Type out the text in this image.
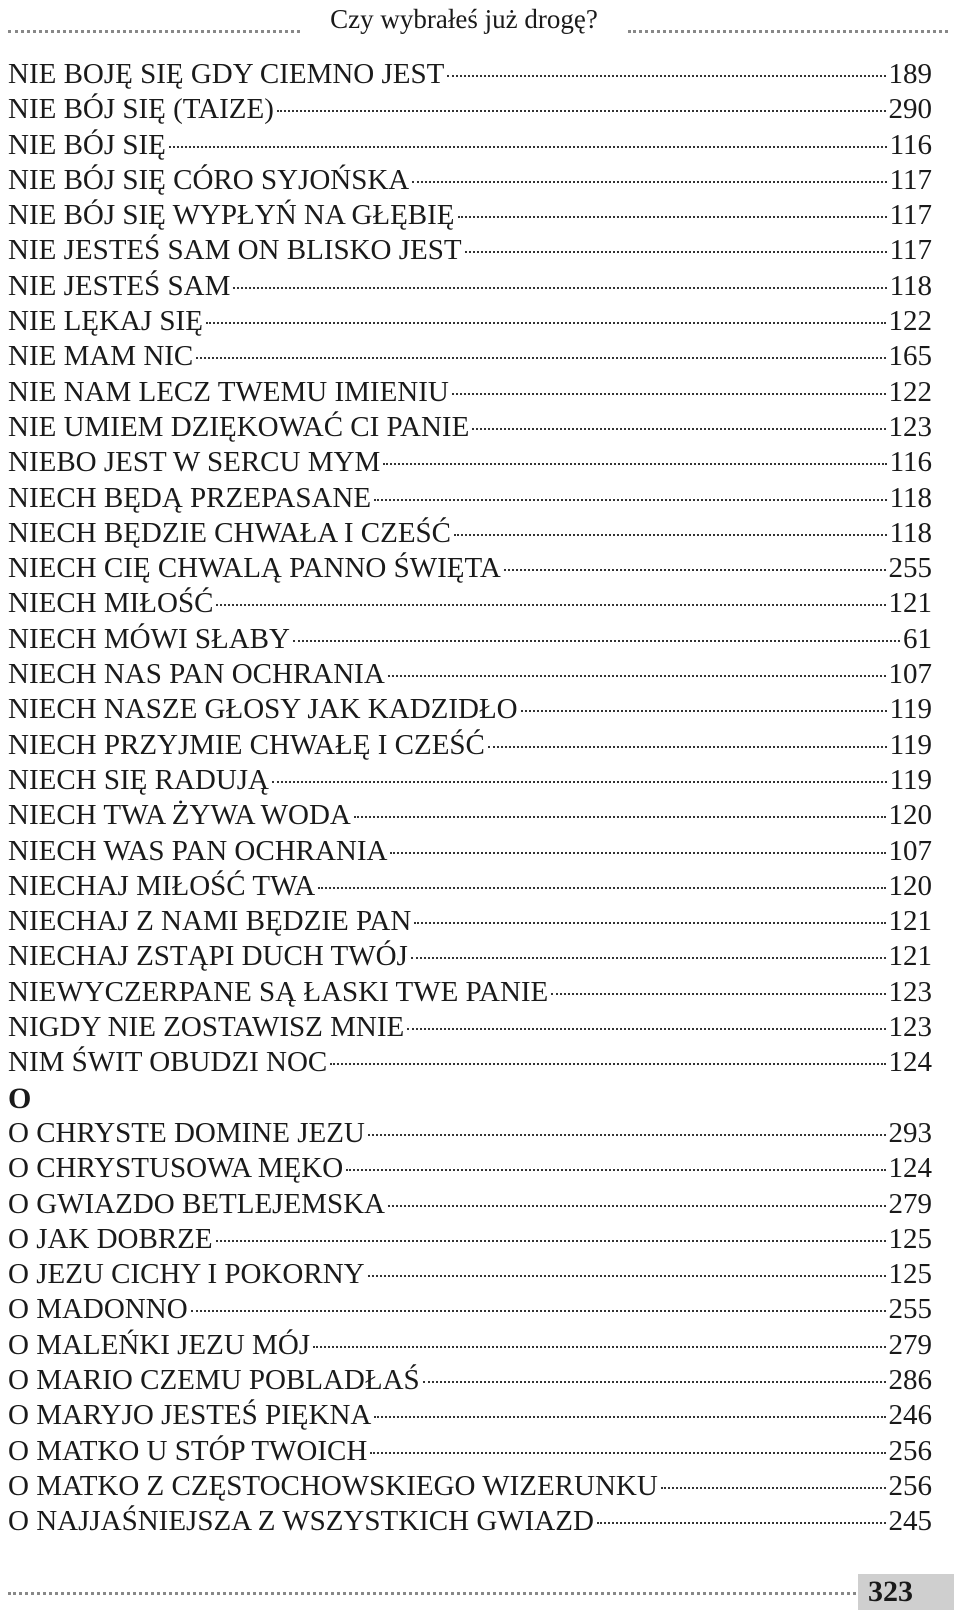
Czy wybrałeś już drogę?
NIE BOJĘ SIĘ GDY CIEMNO JEST	189
NIE BÓJ SIĘ (TAIZE)	290
NIE BÓJ SIĘ	116
NIE BÓJ SIĘ CÓRO SYJOŃSKA	117
NIE BÓJ SIĘ WYPŁYŃ NA GŁĘBIĘ	117
NIE JESTEŚ SAM ON BLISKO JEST	117
NIE JESTEŚ SAM	118
NIE LĘKAJ SIĘ	122
NIE MAM NIC	165
NIE NAM LECZ TWEMU IMIENIU	122
NIE UMIEM DZIĘKOWAĆ CI PANIE	123
NIEBO JEST W SERCU MYM	116
NIECH BĘDĄ PRZEPASANE	118
NIECH BĘDZIE CHWAŁA I CZEŚĆ	118
NIECH CIĘ CHWALĄ PANNO ŚWIĘTA	255
NIECH MIŁOŚĆ	121
NIECH MÓWI SŁABY	61
NIECH NAS PAN OCHRANIA	107
NIECH NASZE GŁOSY JAK KADZIDŁO	119
NIECH PRZYJMIE CHWAŁĘ I CZEŚĆ	119
NIECH SIĘ RADUJĄ	119
NIECH TWA ŻYWA WODA	120
NIECH WAS PAN OCHRANIA	107
NIECHAJ MIŁOŚĆ TWA	120
NIECHAJ Z NAMI BĘDZIE PAN	121
NIECHAJ ZSTĄPI DUCH TWÓJ	121
NIEWYCZERPANE SĄ ŁASKI TWE PANIE	123
NIGDY NIE ZOSTAWISZ MNIE	123
NIM ŚWIT OBUDZI NOC	124
O
O CHRYSTE DOMINE JEZU	293
O CHRYSTUSOWA MĘKO	124
O GWIAZDO BETLEJEMSKA	279
O JAK DOBRZE	125
O JEZU CICHY I POKORNY	125
O MADONNO	255
O MALEŃKI JEZU MÓJ	279
O MARIO CZEMU POBLADŁAŚ	286
O MARYJO JESTEŚ PIĘKNA	246
O MATKO U STÓP TWOICH	256
O MATKO Z CZĘSTOCHOWSKIEGO WIZERUNKU	256
O NAJJAŚNIEJSZA Z WSZYSTKICH GWIAZD	245
323
